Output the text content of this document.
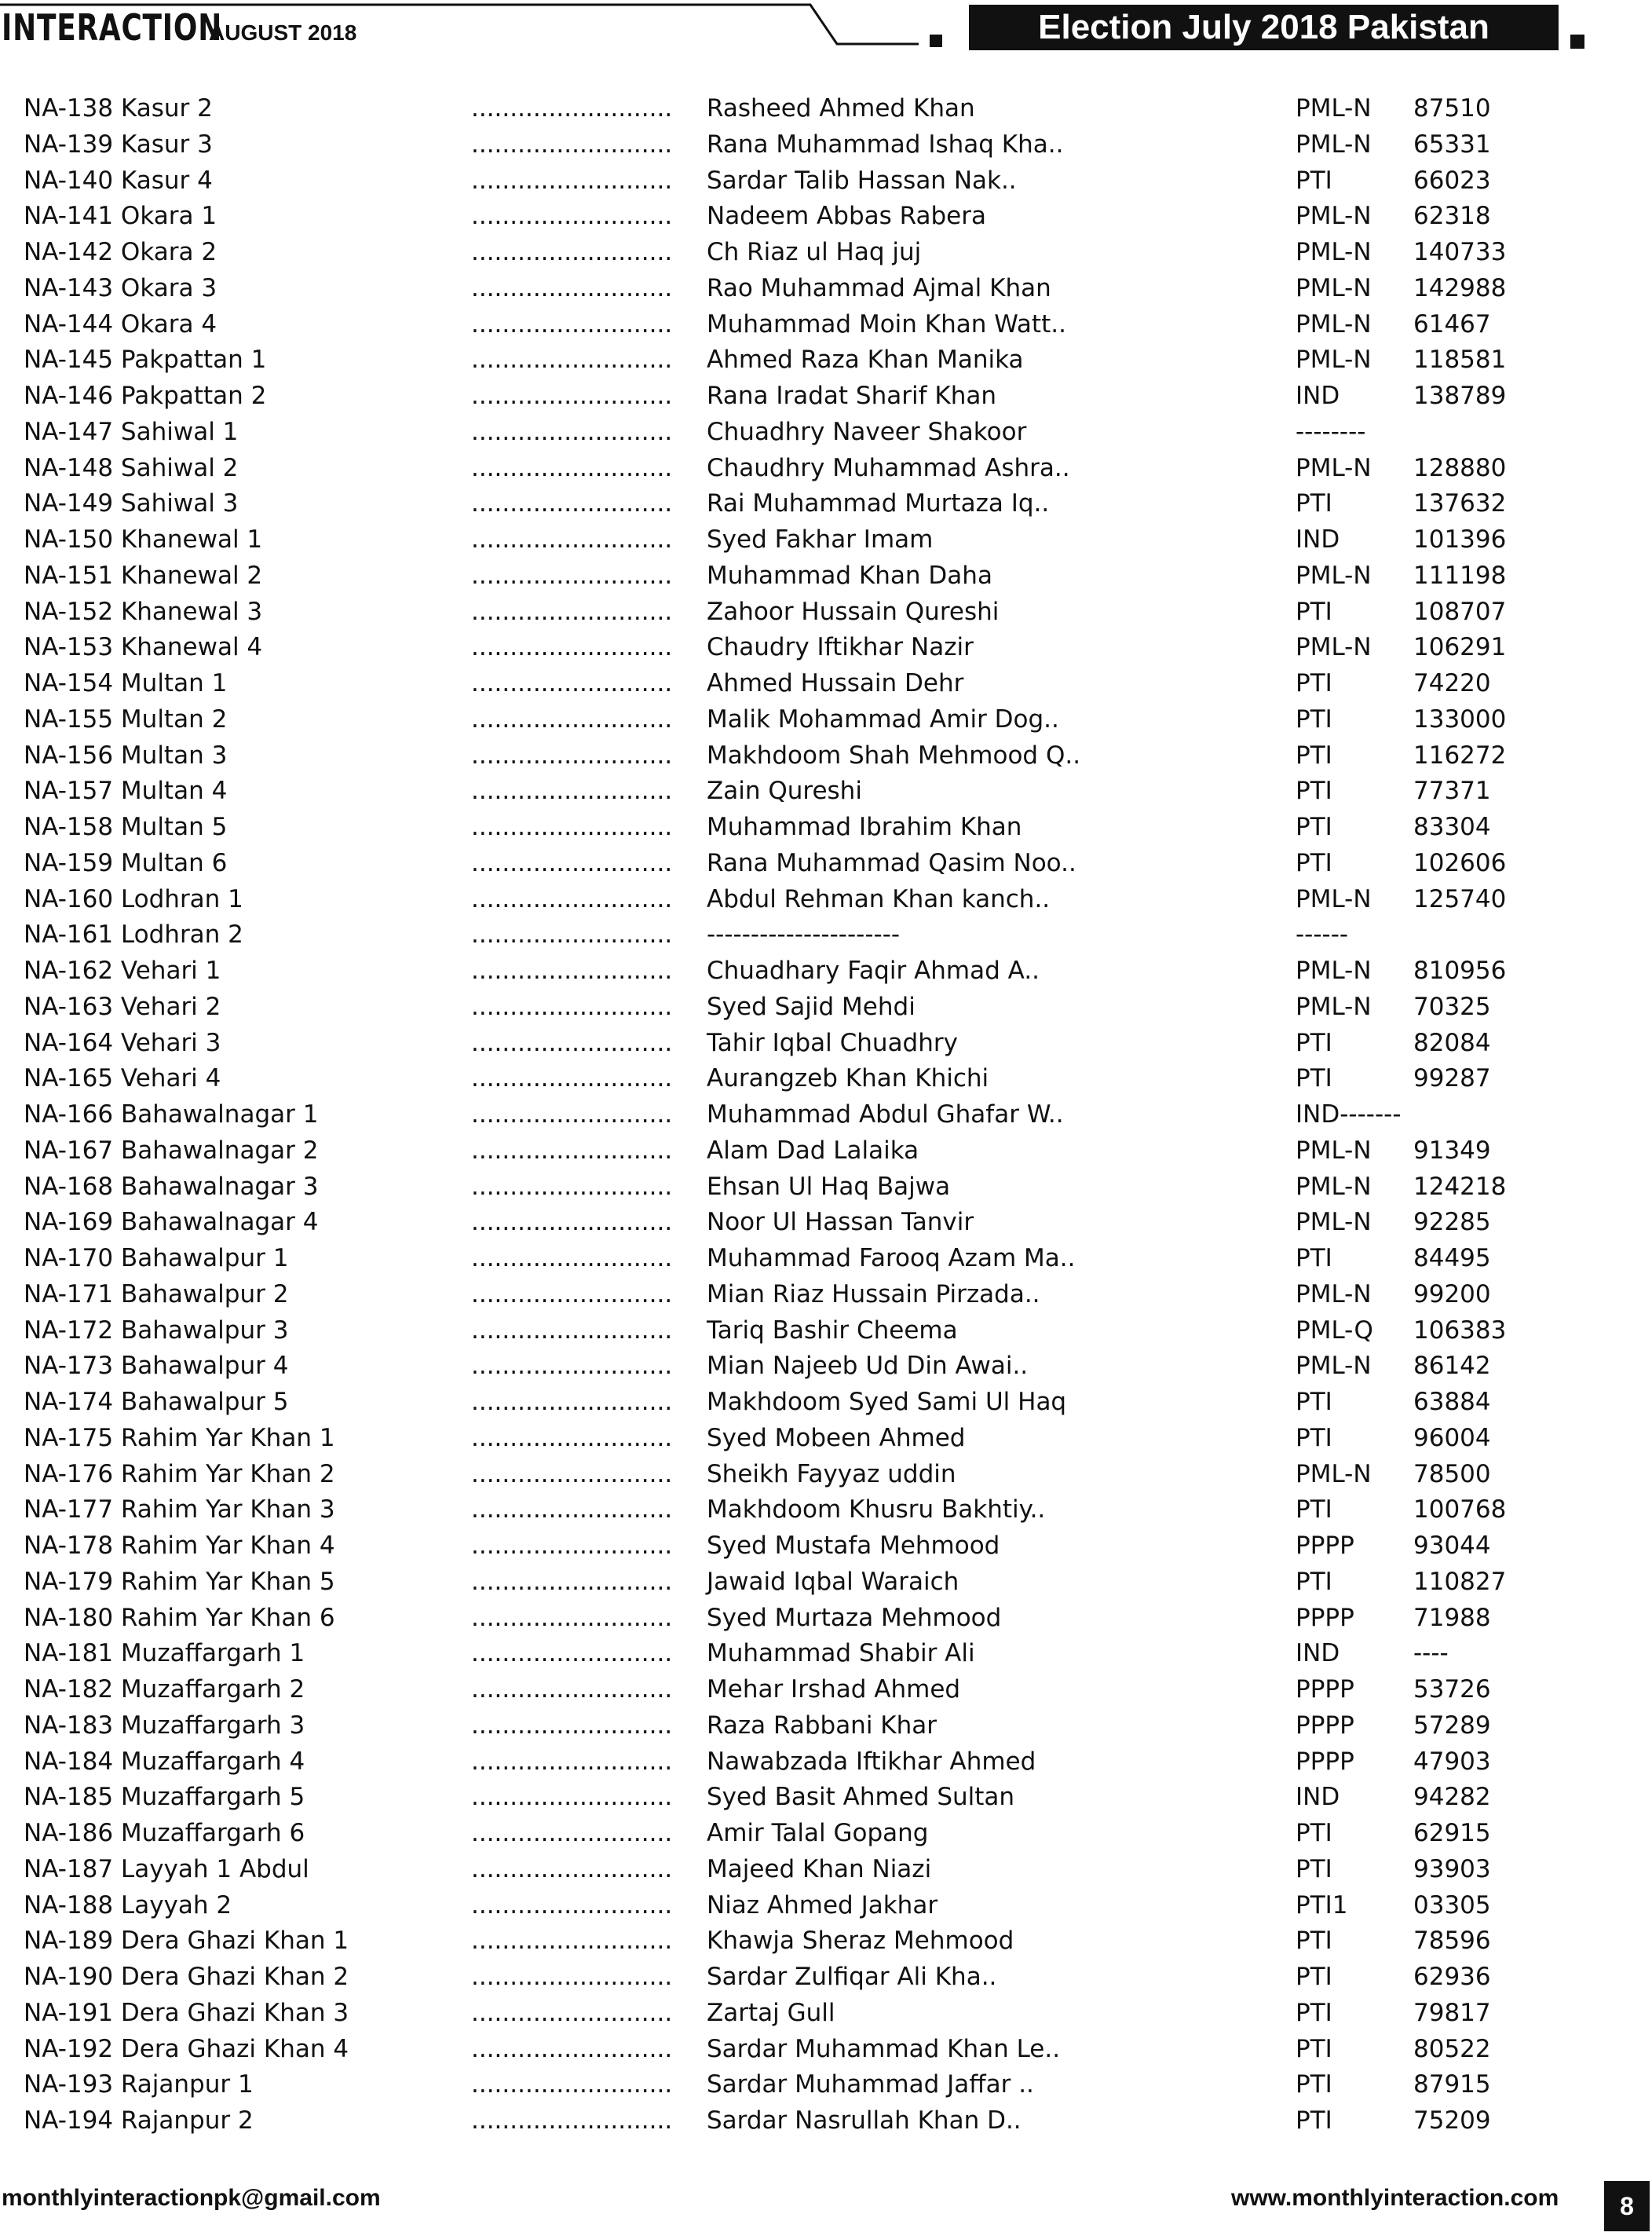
INTERACTION
AUGUST 2018	Election July 2018 Pakistan
NA-138 Kasur 2	.......................... Rasheed Ahmed Khan	PML-N 87510
NA-139 Kasur 3	.......................... Rana Muhammad Ishaq Kha..	PML-N 65331
NA-140 Kasur 4	.......................... Sardar Talib Hassan Nak..	PTI	66023
NA-141 Okara 1	.......................... Nadeem Abbas Rabera	PML-N 62318
NA-142 Okara 2	.......................... Ch Riaz ul Haq juj	PML-N 140733
NA-143 Okara 3	.......................... Rao Muhammad Ajmal Khan	PML-N 142988
NA-144 Okara 4	.......................... Muhammad Moin Khan Watt..	PML-N 61467
NA-145 Pakpattan 1	.......................... Ahmed Raza Khan Manika	PML-N 118581
NA-146 Pakpattan 2	.......................... Rana Iradat Sharif Khan	IND	138789
NA-147 Sahiwal 1	.......................... Chuadhry Naveer Shakoor	--------
NA-148 Sahiwal 2	.......................... Chaudhry Muhammad Ashra..	PML-N 128880
NA-149 Sahiwal 3	.......................... Rai Muhammad Murtaza Iq..	PTI	137632
NA-150 Khanewal 1	.......................... Syed Fakhar Imam	IND	101396
NA-151 Khanewal 2	.......................... Muhammad Khan Daha	PML-N 111198
NA-152 Khanewal 3	.......................... Zahoor Hussain Qureshi	PTI	108707
NA-153 Khanewal 4	.......................... Chaudry Iftikhar Nazir	PML-N 106291
NA-154 Multan 1	.......................... Ahmed Hussain Dehr	PTI	74220
NA-155 Multan 2	.......................... Malik Mohammad Amir Dog..	PTI	133000
NA-156 Multan 3	.......................... Makhdoom Shah Mehmood Q..	PTI	116272
NA-157 Multan 4	.......................... Zain Qureshi	PTI	77371
NA-158 Multan 5	.......................... Muhammad Ibrahim Khan	PTI	83304
NA-159 Multan 6	.......................... Rana Muhammad Qasim Noo..	PTI	102606
NA-160 Lodhran 1	.......................... Abdul Rehman Khan kanch..	PML-N 125740
NA-161 Lodhran 2	.......................... ----------------------	------
NA-162 Vehari 1	.......................... Chuadhary Faqir Ahmad A..	PML-N 810956
NA-163 Vehari 2	.......................... Syed Sajid Mehdi	PML-N 70325
NA-164 Vehari 3	.......................... Tahir Iqbal Chuadhry	PTI	82084
NA-165 Vehari 4	.......................... Aurangzeb Khan Khichi	PTI	99287
NA-166 Bahawalnagar 1	.......................... Muhammad Abdul Ghafar W..	IND-------
NA-167 Bahawalnagar 2	.......................... Alam Dad Lalaika	PML-N 91349
NA-168 Bahawalnagar 3	.......................... Ehsan Ul Haq Bajwa	PML-N 124218
NA-169 Bahawalnagar 4	.......................... Noor Ul Hassan Tanvir	PML-N 92285
NA-170 Bahawalpur 1	.......................... Muhammad Farooq Azam Ma..	PTI	84495
NA-171 Bahawalpur 2	.......................... Mian Riaz Hussain Pirzada..	PML-N 99200
NA-172 Bahawalpur 3	.......................... Tariq Bashir Cheema	PML-Q 106383
NA-173 Bahawalpur 4	.......................... Mian Najeeb Ud Din Awai..	PML-N 86142
NA-174 Bahawalpur 5	.......................... Makhdoom Syed Sami Ul Haq	PTI	63884
NA-175 Rahim Yar Khan 1	.......................... Syed Mobeen Ahmed	PTI	96004
NA-176 Rahim Yar Khan 2	.......................... Sheikh Fayyaz uddin	PML-N 78500
NA-177 Rahim Yar Khan 3	.......................... Makhdoom Khusru Bakhtiy..	PTI	100768
NA-178 Rahim Yar Khan 4	.......................... Syed Mustafa Mehmood	PPPP 93044
NA-179 Rahim Yar Khan 5	.......................... Jawaid Iqbal Waraich	PTI	110827
NA-180 Rahim Yar Khan 6	.......................... Syed Murtaza Mehmood	PPPP 71988
NA-181 Muzaffargarh 1	.......................... Muhammad Shabir Ali	IND	----
NA-182 Muzaffargarh 2	.......................... Mehar Irshad Ahmed	PPPP 53726
NA-183 Muzaffargarh 3	.......................... Raza Rabbani Khar	PPPP 57289
NA-184 Muzaffargarh 4	.......................... Nawabzada Iftikhar Ahmed	PPPP 47903
NA-185 Muzaffargarh 5	.......................... Syed Basit Ahmed Sultan	IND	94282
NA-186 Muzaffargarh 6	.......................... Amir Talal Gopang	PTI	62915
NA-187 Layyah 1 Abdul	.......................... Majeed Khan Niazi	PTI	93903
NA-188 Layyah 2	.......................... Niaz Ahmed Jakhar	PTI1	03305
NA-189 Dera Ghazi Khan 1	.......................... Khawja Sheraz Mehmood	PTI	78596
NA-190 Dera Ghazi Khan 2	.......................... Sardar Zulfiqar Ali Kha..	PTI	62936
NA-191 Dera Ghazi Khan 3	.......................... Zartaj Gull	PTI	79817
NA-192 Dera Ghazi Khan 4	.......................... Sardar Muhammad Khan Le..	PTI	80522
NA-193 Rajanpur 1	.......................... Sardar Muhammad Jaffar ..	PTI	87915
NA-194 Rajanpur 2	.......................... Sardar Nasrullah Khan D..	PTI	75209
monthlyinteractionpk@gmail.com	www.monthlyinteraction.com	8
